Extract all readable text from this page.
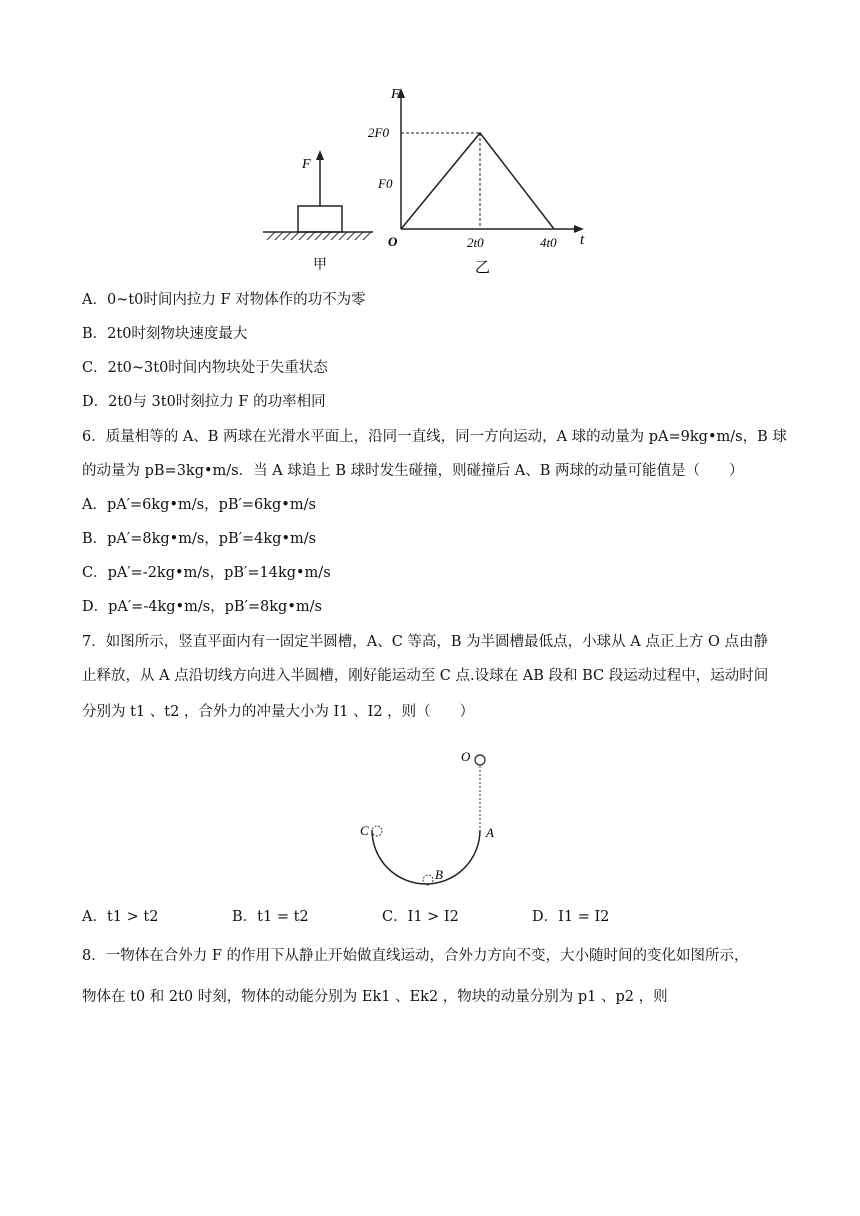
F
甲
F
t
O
2F0
F0
2t0	4t0
乙
A．0~t0时间内拉力 F 对物体作的功不为零
B．2t0时刻物块速度最大
C．2t0~3t0时间内物块处于失重状态
D．2t0与 3t0时刻拉力 F 的功率相同
6．质量相等的 A、B 两球在光滑水平面上，沿同一直线，同一方向运动，A 球的动量为 pA=9kg•m/s，B 球
的动量为 pB=3kg•m/s．当 A 球追上 B 球时发生碰撞，则碰撞后 A、B 两球的动量可能值是（　　）
A．pA′=6kg•m/s，pB′=6kg•m/s
B．pA′=8kg•m/s，pB′=4kg•m/s
C．pA′=-2kg•m/s，pB′=14kg•m/s
D．pA′=-4kg•m/s，pB′=8kg•m/s
7．如图所示，竖直平面内有一固定半圆槽，A、C 等高，B 为半圆槽最低点，小球从 A 点正上方 O 点由静
止释放，从 A 点沿切线方向进入半圆槽，刚好能运动至 C 点.设球在 AB 段和 BC 段运动过程中，运动时间
分别为 t1 、t2 ，合外力的冲量大小为 I1 、I2 ，则（　　）
O
A
C
B
A．t1 > t2	B．t1 = t2	C．I1 > I2	D．I1 = I2
8．一物体在合外力 F 的作用下从静止开始做直线运动，合外力方向不变，大小随时间的变化如图所示，
物体在 t0 和 2t0 时刻，物体的动能分别为 Ek1 、Ek2 ，物块的动量分别为 p1 、p2 ，则
